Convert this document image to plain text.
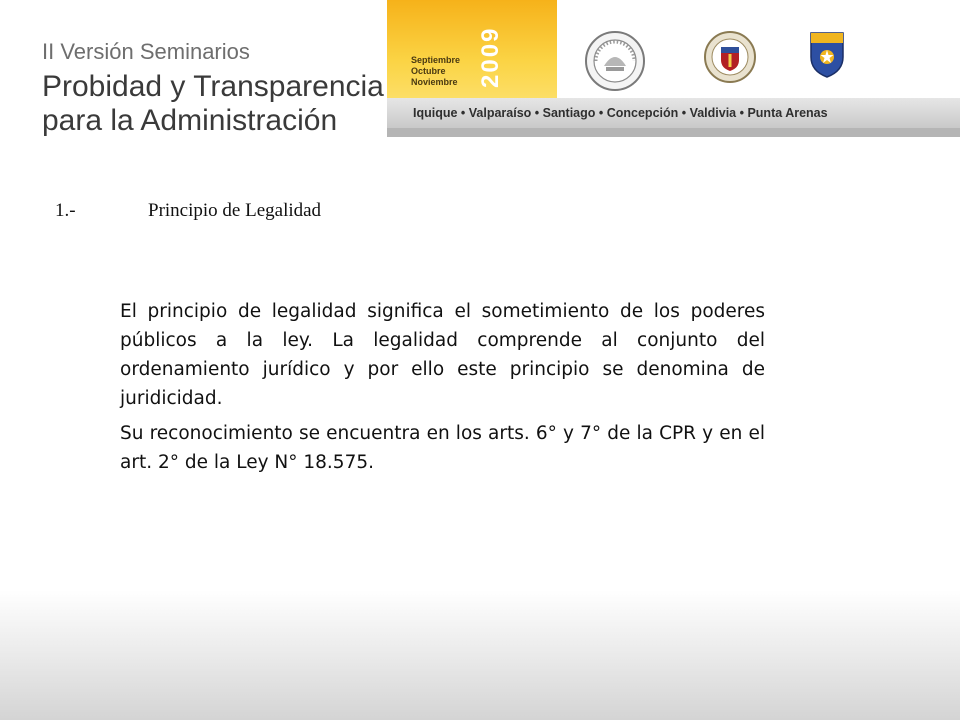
II Versión Seminarios
Probidad y Transparencia
para la Administración
Septiembre
Octubre
Noviembre 2009
Iquique • Valparaíso • Santiago • Concepción • Valdivia • Punta Arenas
1.-	Principio de Legalidad

El principio de legalidad significa el sometimiento de los poderes públicos a la ley. La legalidad comprende al conjunto del ordenamiento jurídico y por ello este principio se denomina de juridicidad.

Su reconocimiento se encuentra en los arts. 6° y 7° de la CPR y en el art. 2° de la Ley N° 18.575.
